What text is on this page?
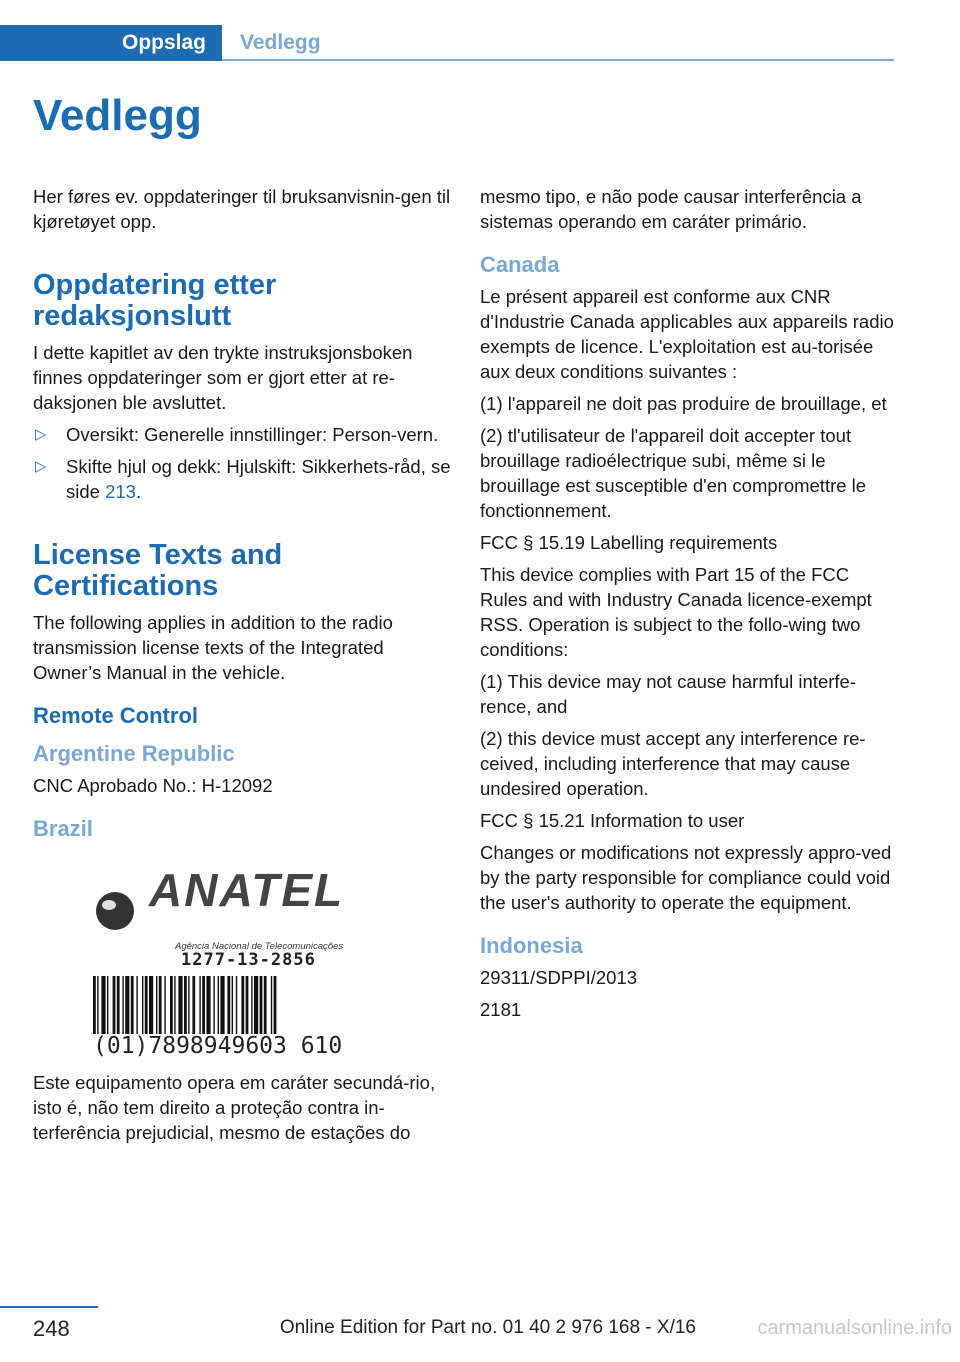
Oppslag	Vedlegg
Vedlegg

Her føres ev. oppdateringer til bruksanvisnin-gen til kjøretøyet opp.

Oppdatering etter redaksjonslutt

I dette kapitlet av den trykte instruksjonsboken finnes oppdateringer som er gjort etter at re-daksjonen ble avsluttet.

▷ Oversikt: Generelle innstillinger: Person-vern.
▷ Skifte hjul og dekk: Hjulskift: Sikkerhets-råd, se side 213.
License Texts and Certifications

The following applies in addition to the radio transmission license texts of the Integrated Owner’s Manual in the vehicle.

Remote Control
Argentine Republic

CNC Aprobado No.: H-12092

Brazil
ANATEL
Agência Nacional de Telecomunicações
1277-13-2856
(01)7898949603 610

Este equipamento opera em caráter secundá-rio, isto é, não tem direito a proteção contra in-terferência prejudicial, mesmo de estações do

mesmo tipo, e não pode causar interferência a sistemas operando em caráter primário.

Canada

Le présent appareil est conforme aux CNR d'Industrie Canada applicables aux appareils radio exempts de licence. L'exploitation est au-torisée aux deux conditions suivantes :

(1) l'appareil ne doit pas produire de brouillage, et

(2) tl'utilisateur de l'appareil doit accepter tout brouillage radioélectrique subi, même si le brouillage est susceptible d'en compromettre le fonctionnement.

FCC § 15.19 Labelling requirements

This device complies with Part 15 of the FCC Rules and with Industry Canada licence-exempt RSS. Operation is subject to the follo-wing two conditions:

(1) This device may not cause harmful interfe-rence, and

(2) this device must accept any interference re-ceived, including interference that may cause undesired operation.

FCC § 15.21 Information to user

Changes or modifications not expressly appro-ved by the party responsible for compliance could void the user's authority to operate the equipment.

Indonesia

29311/SDPPI/2013

2181

248	Online Edition for Part no. 01 40 2 976 168 - X/16	carmanualsonline.info
